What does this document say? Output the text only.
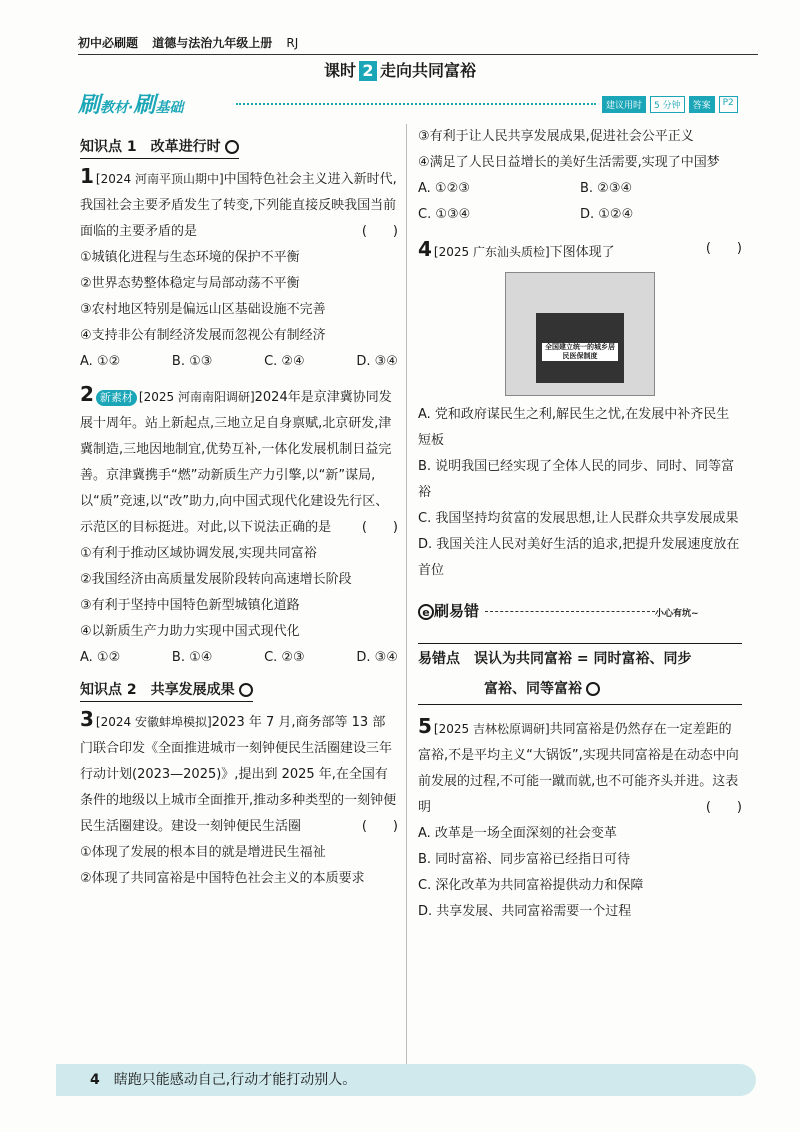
初中必刷题 道德与法治九年级上册 RJ
课时 2 走向共同富裕
刷教材·刷基础	建议用时	5 分钟	答案	P2
知识点 1　改革进行时
1 [2024 河南平顶山期中]中国特色社会主义进入新时代,我国社会主要矛盾发生了转变,下列能直接反映我国当前面临的主要矛盾的是	(　　)
①城镇化进程与生态环境的保护不平衡
②世界态势整体稳定与局部动荡不平衡
③农村地区特别是偏远山区基础设施不完善
④支持非公有制经济发展而忽视公有制经济
A. ①②	B. ①③	C. ②④	D. ③④
2 新素材 [2025 河南南阳调研]2024年是京津冀协同发展十周年。站上新起点,三地立足自身禀赋,北京研发,津冀制造,三地因地制宜,优势互补,一体化发展机制日益完善。京津冀携手“燃”动新质生产力引擎,以“新”谋局,以“质”竞速,以“改”助力,向中国式现代化建设先行区、示范区的目标挺进。对此,以下说法正确的是 (　　)
①有利于推动区域协调发展,实现共同富裕
②我国经济由高质量发展阶段转向高速增长阶段
③有利于坚持中国特色新型城镇化道路
④以新质生产力助力实现中国式现代化
A. ①②	B. ①④	C. ②③	D. ③④
知识点 2　共享发展成果
3 [2024 安徽蚌埠模拟]2023 年 7 月,商务部等 13 部门联合印发《全面推进城市一刻钟便民生活圈建设三年行动计划(2023—2025)》,提出到 2025 年,在全国有条件的地级以上城市全面推开,推动多种类型的一刻钟便民生活圈建设。建设一刻钟便民生活圈	(　　)
①体现了发展的根本目的就是增进民生福祉
②体现了共同富裕是中国特色社会主义的本质要求
③有利于让人民共享发展成果,促进社会公平正义
④满足了人民日益增长的美好生活需要,实现了中国梦
A. ①②③	B. ②③④
C. ①③④	D. ①②④
4 [2025 广东汕头质检]下图体现了	(　　)
全国建立统一的城乡居民医保制度
A. 党和政府谋民生之利,解民生之忧,在发展中补齐民生短板
B. 说明我国已经实现了全体人民的同步、同时、同等富裕
C. 我国坚持均贫富的发展思想,让人民群众共享发展成果
D. 我国关注人民对美好生活的追求,把提升发展速度放在首位
e 刷易错	小心有坑~
易错点　误认为共同富裕 = 同时富裕、同步
富裕、同等富裕
5 [2025 吉林松原调研]共同富裕是仍然存在一定差距的富裕,不是平均主义“大锅饭”,实现共同富裕是在动态中向前发展的过程,不可能一蹴而就,也不可能齐头并进。这表明	(　　)
A. 改革是一场全面深刻的社会变革
B. 同时富裕、同步富裕已经指日可待
C. 深化改革为共同富裕提供动力和保障
D. 共享发展、共同富裕需要一个过程
4 瞎跑只能感动自己,行动才能打动别人。
